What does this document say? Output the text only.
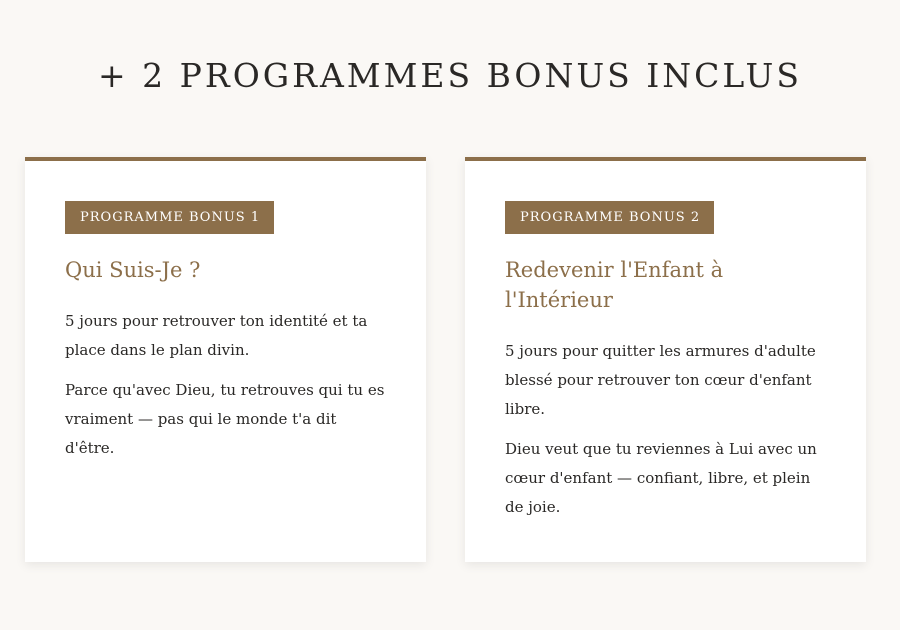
+ 2 PROGRAMMES BONUS INCLUS
PROGRAMME BONUS 1
Qui Suis-Je ?

5 jours pour retrouver ton identité et ta place dans le plan divin.

Parce qu'avec Dieu, tu retrouves qui tu es vraiment — pas qui le monde t'a dit d'être.

PROGRAMME BONUS 2
Redevenir l'Enfant à l'Intérieur

5 jours pour quitter les armures d'adulte blessé pour retrouver ton cœur d'enfant libre.

Dieu veut que tu reviennes à Lui avec un cœur d'enfant — confiant, libre, et plein de joie.
